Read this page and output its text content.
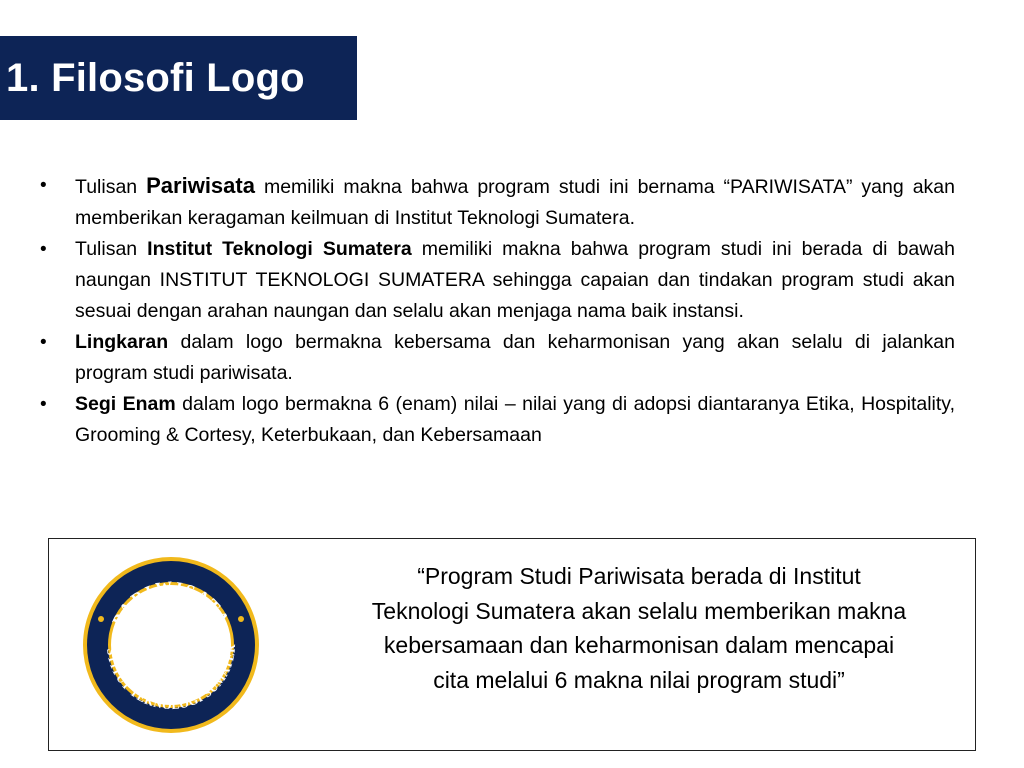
1. Filosofi Logo
•	Tulisan Pariwisata memiliki makna bahwa program studi ini bernama “PARIWISATA” yang akan memberikan keragaman keilmuan di Institut Teknologi Sumatera.
•	Tulisan Institut Teknologi Sumatera memiliki makna bahwa program studi ini berada di bawah naungan INSTITUT TEKNOLOGI SUMATERA sehingga capaian dan tindakan program studi akan sesuai dengan arahan naungan dan selalu akan menjaga nama baik instansi.
•	Lingkaran dalam logo bermakna kebersama dan keharmonisan yang akan selalu di jalankan program studi pariwisata.
•	Segi Enam dalam logo bermakna 6 (enam) nilai – nilai yang di adopsi diantaranya Etika, Hospitality, Grooming & Cortesy, Keterbukaan, dan Kebersamaan
PARIWISATA
STITUT TEKNOLOGI SUMATER
“Program Studi Pariwisata berada di Institut Teknologi Sumatera akan selalu memberikan makna kebersamaan dan keharmonisan dalam mencapai cita melalui 6 makna nilai program studi”
